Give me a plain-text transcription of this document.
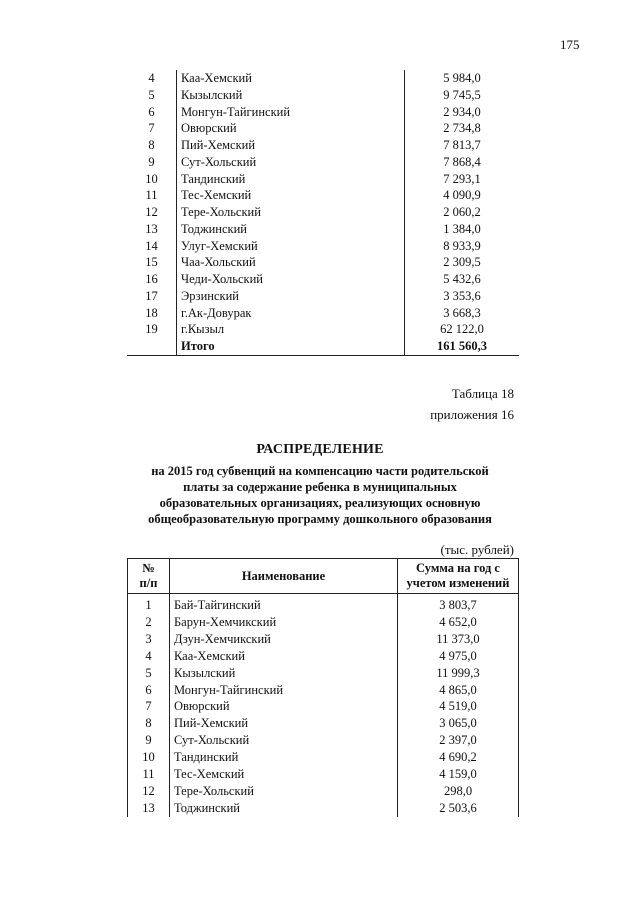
175
4	Каа-Хемский	5 984,0
5	Кызылский	9 745,5
6	Монгун-Тайгинский	2 934,0
7	Овюрский	2 734,8
8	Пий-Хемский	7 813,7
9	Сут-Хольский	7 868,4
10	Тандинский	7 293,1
11	Тес-Хемский	4 090,9
12	Тере-Хольский	2 060,2
13	Тоджинский	1 384,0
14	Улуг-Хемский	8 933,9
15	Чаа-Хольский	2 309,5
16	Чеди-Хольский	5 432,6
17	Эрзинский	3 353,6
18	г.Ак-Довурак	3 668,3
19	г.Кызыл	62 122,0
	Итого	161 560,3
Таблица 18
приложения 16
РАСПРЕДЕЛЕНИЕ
на 2015 год субвенций на компенсацию части родительской
платы за содержание ребенка в муниципальных
образовательных организациях, реализующих основную
общеобразовательную программу дошкольного образования
(тыс. рублей)
№
п/п	Наименование	Сумма на год с учетом изменений
1	Бай-Тайгинский	3 803,7
2	Барун-Хемчикский	4 652,0
3	Дзун-Хемчикский	11 373,0
4	Каа-Хемский	4 975,0
5	Кызылский	11 999,3
6	Монгун-Тайгинский	4 865,0
7	Овюрский	4 519,0
8	Пий-Хемский	3 065,0
9	Сут-Хольский	2 397,0
10	Тандинский	4 690,2
11	Тес-Хемский	4 159,0
12	Тере-Хольский	298,0
13	Тоджинский	2 503,6
